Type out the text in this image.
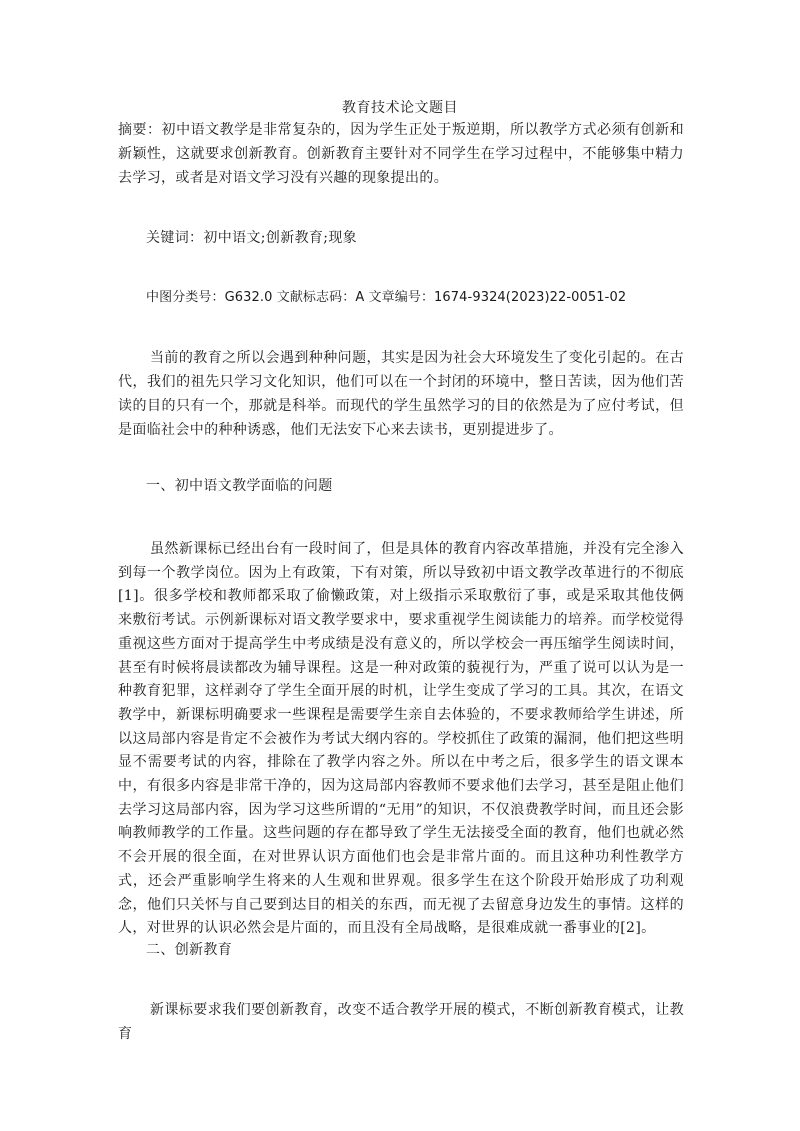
教育技术论文题目

摘要：初中语文教学是非常复杂的，因为学生正处于叛逆期，所以教学方式必须有创新和新颖性，这就要求创新教育。创新教育主要针对不同学生在学习过程中，不能够集中精力去学习，或者是对语文学习没有兴趣的现象提出的。

关键词：初中语文;创新教育;现象

中图分类号：G632.0 文献标志码：A 文章编号：1674-9324(2023)22-0051-02

当前的教育之所以会遇到种种问题，其实是因为社会大环境发生了变化引起的。在古代，我们的祖先只学习文化知识，他们可以在一个封闭的环境中，整日苦读，因为他们苦读的目的只有一个，那就是科举。而现代的学生虽然学习的目的依然是为了应付考试，但是面临社会中的种种诱惑，他们无法安下心来去读书，更别提进步了。

一、初中语文教学面临的问题

虽然新课标已经出台有一段时间了，但是具体的教育内容改革措施，并没有完全渗入到每一个教学岗位。因为上有政策，下有对策，所以导致初中语文教学改革进行的不彻底[1]。很多学校和教师都采取了偷懒政策，对上级指示采取敷衍了事，或是采取其他伎俩来敷衍考试。示例新课标对语文教学要求中，要求重视学生阅读能力的培养。而学校觉得重视这些方面对于提高学生中考成绩是没有意义的，所以学校会一再压缩学生阅读时间，甚至有时候将晨读都改为辅导课程。这是一种对政策的藐视行为，严重了说可以认为是一种教育犯罪，这样剥夺了学生全面开展的时机，让学生变成了学习的工具。其次，在语文教学中，新课标明确要求一些课程是需要学生亲自去体验的，不要求教师给学生讲述，所以这局部内容是肯定不会被作为考试大纲内容的。学校抓住了政策的漏洞，他们把这些明显不需要考试的内容，排除在了教学内容之外。所以在中考之后，很多学生的语文课本中，有很多内容是非常干净的，因为这局部内容教师不要求他们去学习，甚至是阻止他们去学习这局部内容，因为学习这些所谓的“无用”的知识，不仅浪费教学时间，而且还会影响教师教学的工作量。这些问题的存在都导致了学生无法接受全面的教育，他们也就必然不会开展的很全面，在对世界认识方面他们也会是非常片面的。而且这种功利性教学方式，还会严重影响学生将来的人生观和世界观。很多学生在这个阶段开始形成了功利观念，他们只关怀与自己要到达目的相关的东西，而无视了去留意身边发生的事情。这样的人，对世界的认识必然会是片面的，而且没有全局战略，是很难成就一番事业的[2]。

二、创新教育

新课标要求我们要创新教育，改变不适合教学开展的模式，不断创新教育模式，让教育
